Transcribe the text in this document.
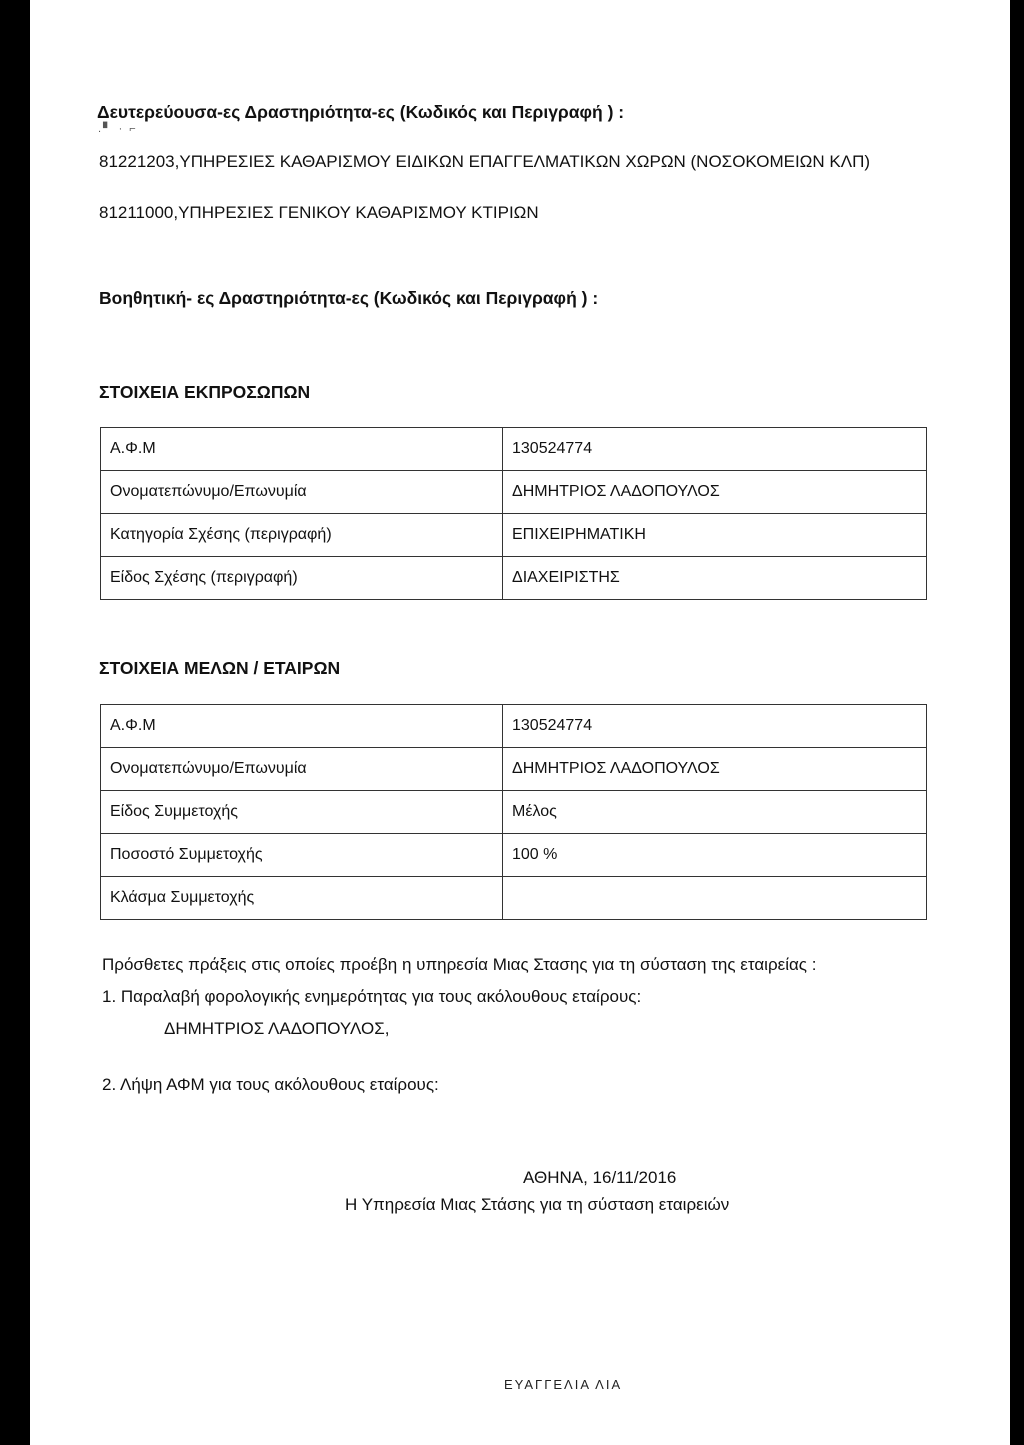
Δευτερεύουσα-ες Δραστηριότητα-ες (Κωδικός και Περιγραφή ) :
.▘ · ⌐
81221203,ΥΠΗΡΕΣΙΕΣ ΚΑΘΑΡΙΣΜΟΥ ΕΙΔΙΚΩΝ ΕΠΑΓΓΕΛΜΑΤΙΚΩΝ ΧΩΡΩΝ (ΝΟΣΟΚΟΜΕΙΩΝ ΚΛΠ)
81211000,ΥΠΗΡΕΣΙΕΣ ΓΕΝΙΚΟΥ ΚΑΘΑΡΙΣΜΟΥ ΚΤΙΡΙΩΝ
Βοηθητική- ες Δραστηριότητα-ες (Κωδικός και Περιγραφή ) :
ΣΤΟΙΧΕΙΑ ΕΚΠΡΟΣΩΠΩΝ
Α.Φ.Μ	130524774
Ονοματεπώνυμο/Επωνυμία	ΔΗΜΗΤΡΙΟΣ ΛΑΔΟΠΟΥΛΟΣ
Κατηγορία Σχέσης (περιγραφή)	ΕΠΙΧΕΙΡΗΜΑΤΙΚΗ
Είδος Σχέσης (περιγραφή)	ΔΙΑΧΕΙΡΙΣΤΗΣ
ΣΤΟΙΧΕΙΑ ΜΕΛΩΝ / ΕΤΑΙΡΩΝ
Α.Φ.Μ	130524774
Ονοματεπώνυμο/Επωνυμία	ΔΗΜΗΤΡΙΟΣ ΛΑΔΟΠΟΥΛΟΣ
Είδος Συμμετοχής	Μέλος
Ποσοστό Συμμετοχής	100 %
Κλάσμα Συμμετοχής	
Πρόσθετες πράξεις στις οποίες προέβη η υπηρεσία Μιας Στασης για τη σύσταση της εταιρείας :
1. Παραλαβή φορολογικής ενημερότητας για τους ακόλουθους εταίρους:
ΔΗΜΗΤΡΙΟΣ ΛΑΔΟΠΟΥΛΟΣ,
2. Λήψη ΑΦΜ για τους ακόλουθους εταίρους:
ΑΘΗΝΑ, 16/11/2016
Η Υπηρεσία Μιας Στάσης για τη σύσταση εταιρειών
ΕΥΑΓΓΕΛΙΑ ΛΙΑ
